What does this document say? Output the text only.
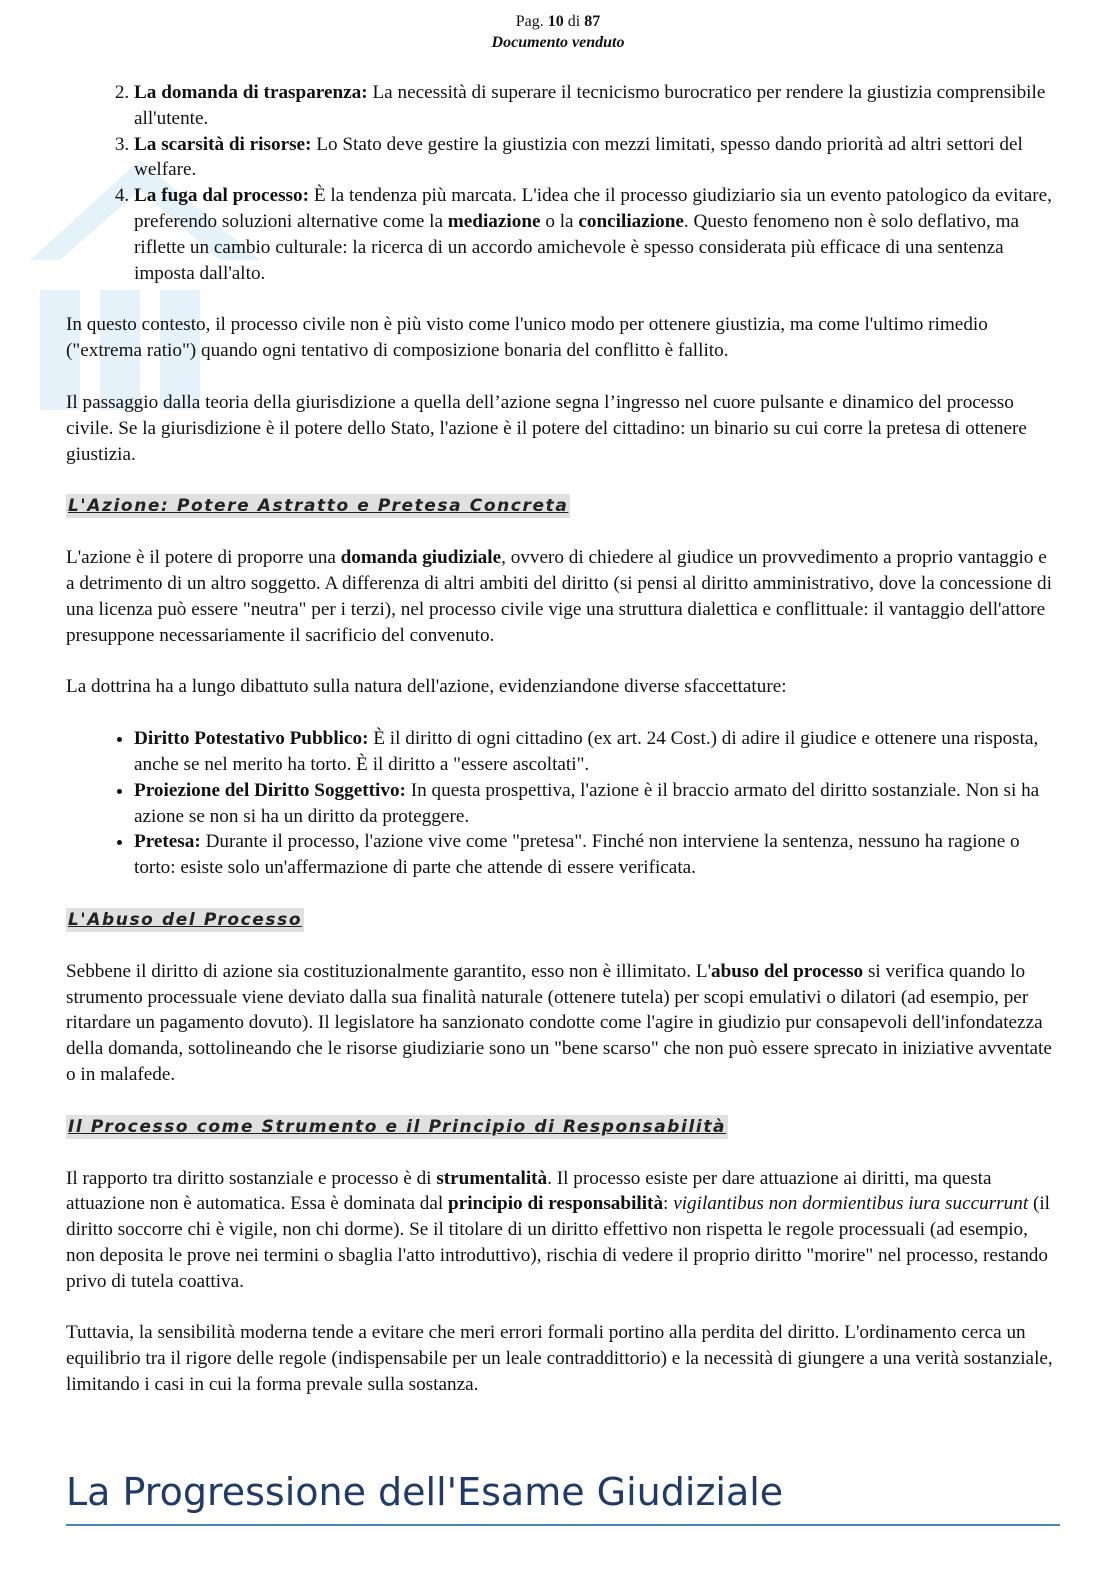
Pag. 10 di 87
Documento venduto
2. La domanda di trasparenza: La necessità di superare il tecnicismo burocratico per rendere la giustizia comprensibile all'utente.
3. La scarsità di risorse: Lo Stato deve gestire la giustizia con mezzi limitati, spesso dando priorità ad altri settori del welfare.
4. La fuga dal processo: È la tendenza più marcata. L'idea che il processo giudiziario sia un evento patologico da evitare, preferendo soluzioni alternative come la mediazione o la conciliazione. Questo fenomeno non è solo deflativo, ma riflette un cambio culturale: la ricerca di un accordo amichevole è spesso considerata più efficace di una sentenza imposta dall'alto.

In questo contesto, il processo civile non è più visto come l'unico modo per ottenere giustizia, ma come l'ultimo rimedio ("extrema ratio") quando ogni tentativo di composizione bonaria del conflitto è fallito.

Il passaggio dalla teoria della giurisdizione a quella dell’azione segna l’ingresso nel cuore pulsante e dinamico del processo civile. Se la giurisdizione è il potere dello Stato, l'azione è il potere del cittadino: un binario su cui corre la pretesa di ottenere giustizia.

L'Azione: Potere Astratto e Pretesa Concreta

L'azione è il potere di proporre una domanda giudiziale, ovvero di chiedere al giudice un provvedimento a proprio vantaggio e a detrimento di un altro soggetto. A differenza di altri ambiti del diritto (si pensi al diritto amministrativo, dove la concessione di una licenza può essere "neutra" per i terzi), nel processo civile vige una struttura dialettica e conflittuale: il vantaggio dell'attore presuppone necessariamente il sacrificio del convenuto.

La dottrina ha a lungo dibattuto sulla natura dell'azione, evidenziandone diverse sfaccettature:

• Diritto Potestativo Pubblico: È il diritto di ogni cittadino (ex art. 24 Cost.) di adire il giudice e ottenere una risposta, anche se nel merito ha torto. È il diritto a "essere ascoltati".
• Proiezione del Diritto Soggettivo: In questa prospettiva, l'azione è il braccio armato del diritto sostanziale. Non si ha azione se non si ha un diritto da proteggere.
• Pretesa: Durante il processo, l'azione vive come "pretesa". Finché non interviene la sentenza, nessuno ha ragione o torto: esiste solo un'affermazione di parte che attende di essere verificata.
L'Abuso del Processo

Sebbene il diritto di azione sia costituzionalmente garantito, esso non è illimitato. L'abuso del processo si verifica quando lo strumento processuale viene deviato dalla sua finalità naturale (ottenere tutela) per scopi emulativi o dilatori (ad esempio, per ritardare un pagamento dovuto). Il legislatore ha sanzionato condotte come l'agire in giudizio pur consapevoli dell'infondatezza della domanda, sottolineando che le risorse giudiziarie sono un "bene scarso" che non può essere sprecato in iniziative avventate o in malafede.

Il Processo come Strumento e il Principio di Responsabilità

Il rapporto tra diritto sostanziale e processo è di strumentalità. Il processo esiste per dare attuazione ai diritti, ma questa attuazione non è automatica. Essa è dominata dal principio di responsabilità: vigilantibus non dormientibus iura succurrunt (il diritto soccorre chi è vigile, non chi dorme). Se il titolare di un diritto effettivo non rispetta le regole processuali (ad esempio, non deposita le prove nei termini o sbaglia l'atto introduttivo), rischia di vedere il proprio diritto "morire" nel processo, restando privo di tutela coattiva.

Tuttavia, la sensibilità moderna tende a evitare che meri errori formali portino alla perdita del diritto. L'ordinamento cerca un equilibrio tra il rigore delle regole (indispensabile per un leale contraddittorio) e la necessità di giungere a una verità sostanziale, limitando i casi in cui la forma prevale sulla sostanza.

La Progressione dell'Esame Giudiziale
